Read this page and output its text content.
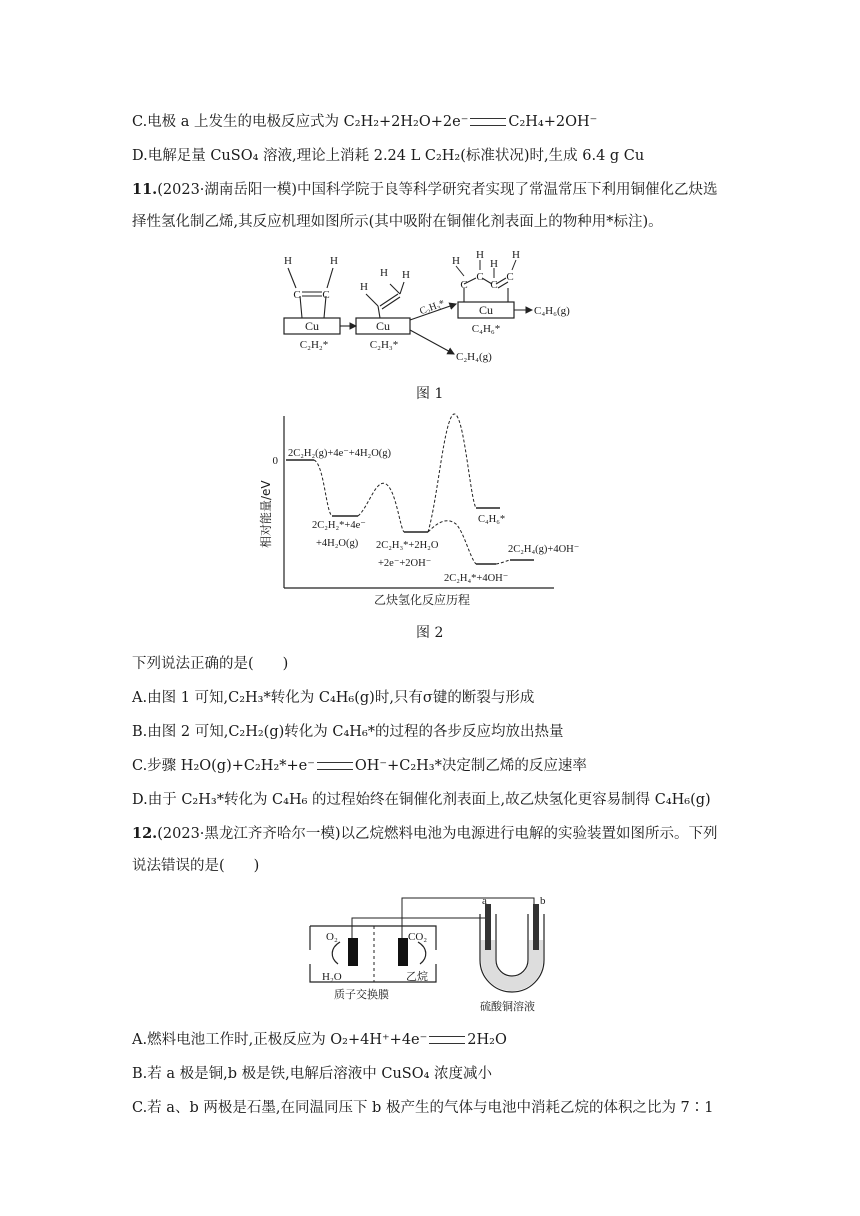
C.电极 a 上发生的电极反应式为 C₂H₂+2H₂O+2e⁻	C₂H₄+2OH⁻
D.电解足量 CuSO₄ 溶液,理论上消耗 2.24 L C₂H₂(标准状况)时,生成 6.4 g Cu
11.(2023·湖南岳阳一模)中国科学院于良等科学研究者实现了常温常压下利用铜催化乙炔选
择性氢化制乙烯,其反应机理如图所示(其中吸附在铜催化剂表面上的物种用*标注)。
Cu
C C
H	H
C₂H₂*
Cu
H
H H
C₂H₃*
C₂H₃*
C₂H₄(g)
Cu
C
C
C
C
H H
H
H
C₄H₆*
C₄H₆(g)
图 1
相对能量/eV
乙炔氢化反应历程
0
2C₂H₂(g)+4e⁻+4H₂O(g)
2C₂H₂*+4e⁻
+4H₂O(g) 2C₂H₃*+2H₂O
+2e⁻+2OH⁻
C₄H₆*
2C₂H₄*+4OH⁻
2C₂H₄(g)+4OH⁻
图 2
下列说法正确的是(　　)
A.由图 1 可知,C₂H₃*转化为 C₄H₆(g)时,只有σ键的断裂与形成
B.由图 2 可知,C₂H₂(g)转化为 C₄H₆*的过程的各步反应均放出热量
C.步骤 H₂O(g)+C₂H₂*+e⁻	OH⁻+C₂H₃*决定制乙烯的反应速率
D.由于 C₂H₃*转化为 C₄H₆ 的过程始终在铜催化剂表面上,故乙炔氢化更容易制得 C₄H₆(g)
12.(2023·黑龙江齐齐哈尔一模)以乙烷燃料电池为电源进行电解的实验装置如图所示。下列
说法错误的是(　　)
O₂	CO₂
H₂O	乙烷
质子交换膜
a	b
硫酸铜溶液
A.燃料电池工作时,正极反应为 O₂+4H⁺+4e⁻	2H₂O
B.若 a 极是铜,b 极是铁,电解后溶液中 CuSO₄ 浓度减小
C.若 a、b 两极是石墨,在同温同压下 b 极产生的气体与电池中消耗乙烷的体积之比为 7∶1
